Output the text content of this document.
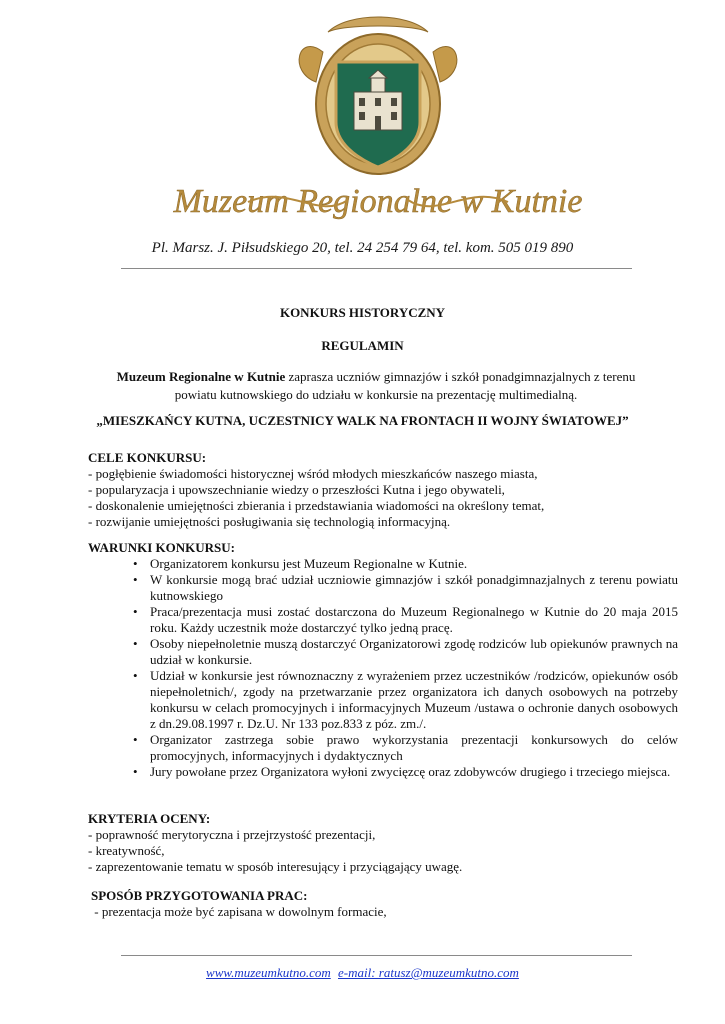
Muzeum Regionalne w Kutnie
Pl. Marsz. J. Piłsudskiego 20, tel. 24 254 79 64, tel. kom. 505 019 890
KONKURS HISTORYCZNY
REGULAMIN
Muzeum Regionalne w Kutnie zaprasza uczniów gimnazjów i szkół ponadgimnazjalnych z terenu
powiatu kutnowskiego do udziału w konkursie na prezentację multimedialną.
„MIESZKAŃCY KUTNA, UCZESTNICY WALK NA FRONTACH II WOJNY ŚWIATOWEJ”
CELE KONKURSU:

- pogłębienie świadomości historycznej wśród młodych mieszkańców naszego miasta,

- popularyzacja i upowszechnianie wiedzy o przeszłości Kutna i jego obywateli,

- doskonalenie umiejętności zbierania i przedstawiania wiadomości na określony temat,

- rozwijanie umiejętności posługiwania się technologią informacyjną.

WARUNKI KONKURSU:
• Organizatorem konkursu jest Muzeum Regionalne w Kutnie.
• W konkursie mogą brać udział uczniowie gimnazjów i szkół ponadgimnazjalnych z terenu powiatu kutnowskiego
• Praca/prezentacja musi zostać dostarczona do Muzeum Regionalnego w Kutnie do 20 maja 2015 roku. Każdy uczestnik może dostarczyć tylko jedną pracę.
• Osoby niepełnoletnie muszą dostarczyć Organizatorowi zgodę rodziców lub opiekunów prawnych na udział w konkursie.
• Udział w konkursie jest równoznaczny z wyrażeniem przez uczestników /rodziców, opiekunów osób niepełnoletnich/, zgody na przetwarzanie przez organizatora ich danych osobowych na potrzeby konkursu w celach promocyjnych i informacyjnych Muzeum /ustawa o ochronie danych osobowych z dn.29.08.1997 r. Dz.U. Nr 133 poz.833 z póz. zm./.
• Organizator zastrzega sobie prawo wykorzystania prezentacji konkursowych do celów promocyjnych, informacyjnych i dydaktycznych
• Jury powołane przez Organizatora wyłoni zwycięzcę oraz zdobywców drugiego i trzeciego miejsca.
KRYTERIA OCENY:

- poprawność merytoryczna i przejrzystość prezentacji,

- kreatywność,

- zaprezentowanie tematu w sposób interesujący i przyciągający uwagę.

SPOSÓB PRZYGOTOWANIA PRAC:

- prezentacja może być zapisana w dowolnym formacie,

www.muzeumkutno.com e-mail: ratusz@muzeumkutno.com
